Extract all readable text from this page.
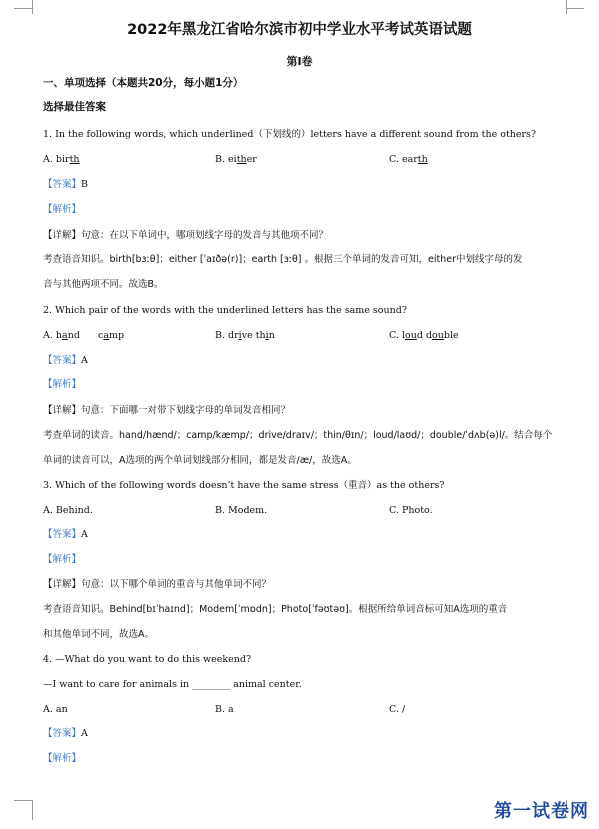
2022年黑龙江省哈尔滨市初中学业水平考试英语试题
第I卷
一、单项选择（本题共20分，每小题1分）
选择最佳答案
1. In the following words, which underlined（下划线的）letters have a different sound from the others?
A. birth	B. either	C. earth
【答案】B
【解析】
【详解】句意：在以下单词中，哪项划线字母的发音与其他项不同？
考查语音知识。birth[bɜːθ]；either [ˈaɪðə(r)]；earth [ɜːθ] 。根据三个单词的发音可知，either中划线字母的发
音与其他两项不同。故选B。
2. Which pair of the words with the underlined letters has the same sound?
A. hand      camp	B. drive thin	C. loud double
【答案】A
【解析】
【详解】句意：下面哪一对带下划线字母的单词发音相同？
考查单词的读音。hand/hænd/；camp/kæmp/；drive/draɪv/；thin/θɪn/；loud/laʊd/；double/ˈdʌb(ə)l/。结合每个
单词的读音可以，A选项的两个单词划线部分相同，都是发音/æ/，故选A。
3. Which of the following words doesn’t have the same stress（重音）as the others?
A. Behind.	B. Modem.	C. Photo.
【答案】A
【解析】
【详解】句意：以下哪个单词的重音与其他单词不同？
考查语音知识。Behind[bɪˈhaɪnd]；Modem[ˈmɒdn]；Photo[ˈfəʊtəʊ]。根据所给单词音标可知A选项的重音
和其他单词不同，故选A。
4. —What do you want to do this weekend?
—I want to care for animals in ________ animal center.
A. an	B. a	C. /
【答案】A
【解析】
第一试卷网
